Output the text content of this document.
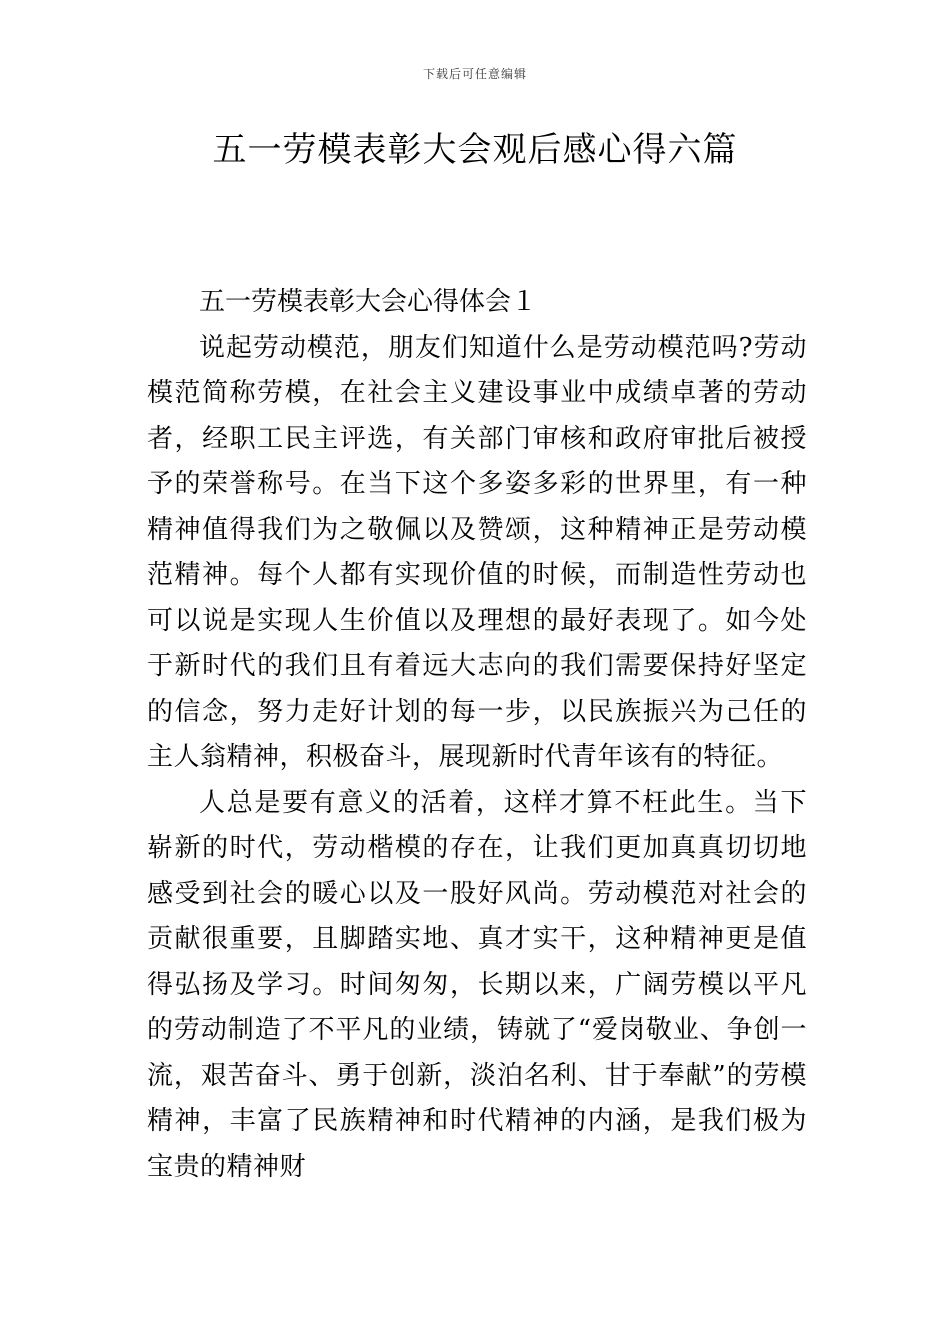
下载后可任意编辑
五一劳模表彰大会观后感心得六篇
五一劳模表彰大会心得体会１

说起劳动模范，朋友们知道什么是劳动模范吗?劳动模范简称劳模，在社会主义建设事业中成绩卓著的劳动者，经职工民主评选，有关部门审核和政府审批后被授予的荣誉称号。在当下这个多姿多彩的世界里，有一种精神值得我们为之敬佩以及赞颂，这种精神正是劳动模范精神。每个人都有实现价值的时候，而制造性劳动也可以说是实现人生价值以及理想的最好表现了。如今处于新时代的我们且有着远大志向的我们需要保持好坚定的信念，努力走好计划的每一步，以民族振兴为己任的主人翁精神，积极奋斗，展现新时代青年该有的特征。

人总是要有意义的活着，这样才算不枉此生。当下崭新的时代，劳动楷模的存在，让我们更加真真切切地感受到社会的暖心以及一股好风尚。劳动模范对社会的贡献很重要，且脚踏实地、真才实干，这种精神更是值得弘扬及学习。时间匆匆，长期以来，广阔劳模以平凡的劳动制造了不平凡的业绩，铸就了“爱岗敬业、争创一流，艰苦奋斗、勇于创新，淡泊名利、甘于奉献”的劳模精神，丰富了民族精神和时代精神的内涵，是我们极为宝贵的精神财
